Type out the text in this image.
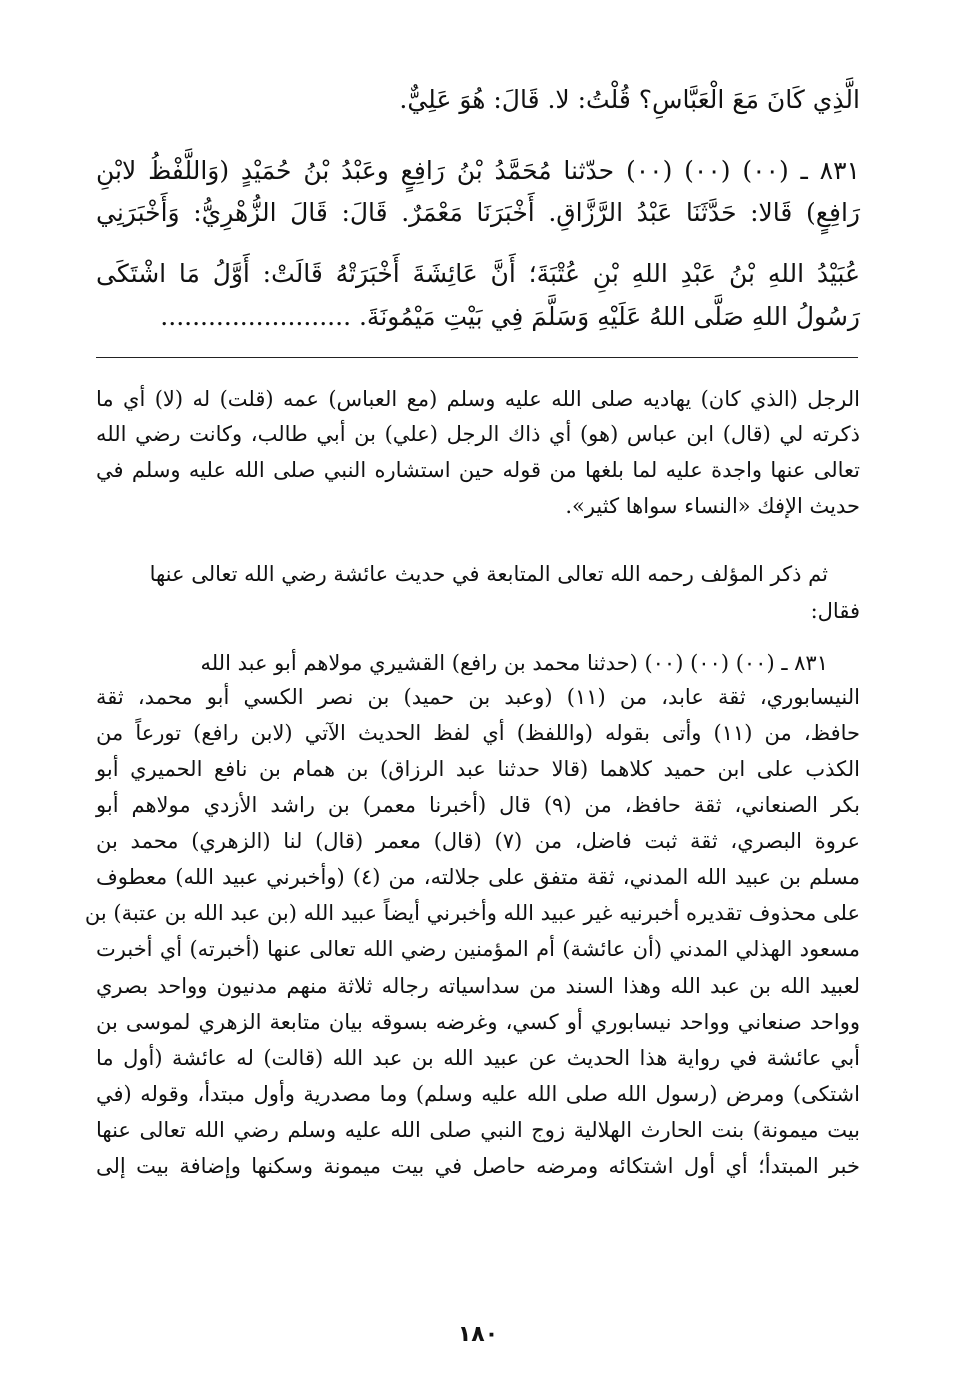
الَّذِي كَانَ مَعَ الْعَبَّاسِ؟ قُلْتُ: لا. قَالَ: هُوَ عَلِيٌّ.
٨٣١ ـ (٠٠) (٠٠) (٠٠) حدّثنا مُحَمَّدُ بْنُ رَافِعٍ وعَبْدُ بْنُ حُمَيْدٍ (وَاللَّفْظُ لابْنِ
رَافِعٍ) قَالا: حَدَّثَنَا عَبْدُ الرَّزَّاقِ. أَخْبَرَنَا مَعْمَرٌ. قَالَ: قَالَ الزُّهْرِيُّ: وَأَخْبَرَنِي
عُبَيْدُ اللهِ بْنُ عَبْدِ اللهِ بْنِ عُتْبَةَ؛ أَنَّ عَائِشَةَ أَخْبَرَتْهُ قَالَتْ: أَوَّلُ مَا اشْتَكَى
رَسُولُ اللهِ صَلَّى اللهُ عَلَيْهِ وَسَلَّمَ فِي بَيْتِ مَيْمُونَةَ. ........................
الرجل (الذي كان) يهاديه صلى الله عليه وسلم (مع العباس) عمه (قلت) له (لا) أي ما
ذكرته لي (قال) ابن عباس (هو) أي ذاك الرجل (علي) بن أبي طالب، وكانت رضي الله
تعالى عنها واجدة عليه لما بلغها من قوله حين استشاره النبي صلى الله عليه وسلم في
حديث الإفك «النساء سواها كثير».
ثم ذكر المؤلف رحمه الله تعالى المتابعة في حديث عائشة رضي الله تعالى عنها
فقال:
٨٣١ ـ (٠٠) (٠٠) (٠٠) (حدثنا محمد بن رافع) القشيري مولاهم أبو عبد الله
النيسابوري، ثقة عابد، من (١١) (وعبد بن حميد) بن نصر الكسي أبو محمد، ثقة
حافظ، من (١١) وأتى بقوله (واللفظ) أي لفظ الحديث الآتي (لابن رافع) تورعاً من
الكذب على ابن حميد كلاهما (قالا حدثنا عبد الرزاق) بن همام بن نافع الحميري أبو
بكر الصنعاني، ثقة حافظ، من (٩) قال (أخبرنا معمر) بن راشد الأزدي مولاهم أبو
عروة البصري، ثقة ثبت فاضل، من (٧) (قال) معمر (قال) لنا (الزهري) محمد بن
مسلم بن عبيد الله المدني، ثقة متفق على جلالته، من (٤) (وأخبرني عبيد الله) معطوف
على محذوف تقديره أخبرنيه غير عبيد الله وأخبرني أيضاً عبيد الله (بن عبد الله بن عتبة) بن
مسعود الهذلي المدني (أن عائشة) أم المؤمنين رضي الله تعالى عنها (أخبرته) أي أخبرت
لعبيد الله بن عبد الله وهذا السند من سداسياته رجاله ثلاثة منهم مدنيون وواحد بصري
وواحد صنعاني وواحد نيسابوري أو كسي، وغرضه بسوقه بيان متابعة الزهري لموسى بن
أبي عائشة في رواية هذا الحديث عن عبيد الله بن عبد الله (قالت) له عائشة (أول ما
اشتكى) ومرض (رسول الله صلى الله عليه وسلم) وما مصدرية وأول مبتدأ، وقوله (في
بيت ميمونة) بنت الحارث الهلالية زوج النبي صلى الله عليه وسلم رضي الله تعالى عنها
خبر المبتدأ؛ أي أول اشتكائه ومرضه حاصل في بيت ميمونة وسكنها وإضافة بيت إلى
١٨٠
